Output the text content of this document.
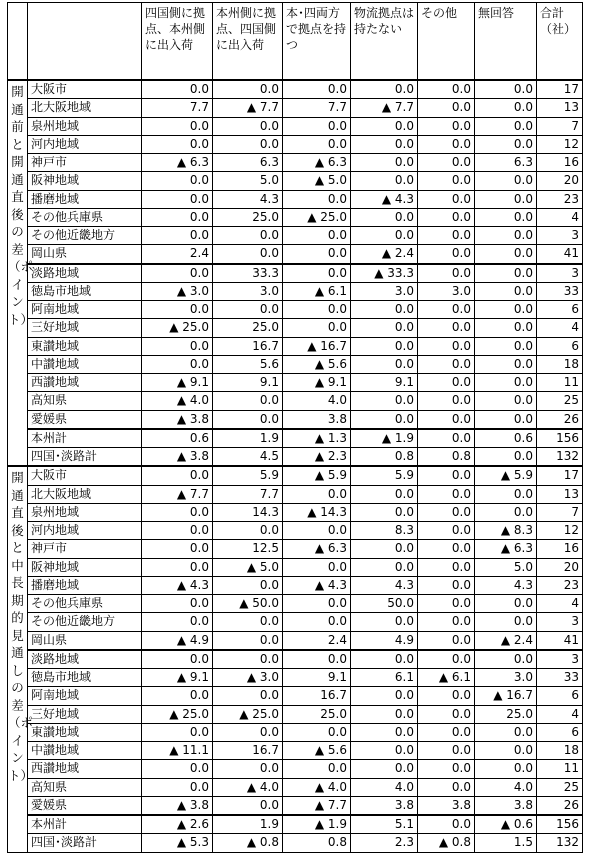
		四国側に拠点、本州側に出入荷	本州側に拠点、四国側に出入荷	本･四両方で拠点を持つ	物流拠点は持たない	その他	無回答	合計（社）
開通前と開通直後の差（ポイント）	大阪市	0.0	0.0	0.0	0.0	0.0	0.0	17
	北大阪地域	7.7	▲ 7.7	7.7	▲ 7.7	0.0	0.0	13
	泉州地域	0.0	0.0	0.0	0.0	0.0	0.0	7
	河内地域	0.0	0.0	0.0	0.0	0.0	0.0	12
	神戸市	▲ 6.3	6.3	▲ 6.3	0.0	0.0	6.3	16
	阪神地域	0.0	5.0	▲ 5.0	0.0	0.0	0.0	20
	播磨地域	0.0	4.3	0.0	▲ 4.3	0.0	0.0	23
	その他兵庫県	0.0	25.0	▲ 25.0	0.0	0.0	0.0	4
	その他近畿地方	0.0	0.0	0.0	0.0	0.0	0.0	3
	岡山県	2.4	0.0	0.0	▲ 2.4	0.0	0.0	41
	淡路地域	0.0	33.3	0.0	▲ 33.3	0.0	0.0	3
	徳島市地域	▲ 3.0	3.0	▲ 6.1	3.0	3.0	0.0	33
	阿南地域	0.0	0.0	0.0	0.0	0.0	0.0	6
	三好地域	▲ 25.0	25.0	0.0	0.0	0.0	0.0	4
	東讃地域	0.0	16.7	▲ 16.7	0.0	0.0	0.0	6
	中讃地域	0.0	5.6	▲ 5.6	0.0	0.0	0.0	18
	西讃地域	▲ 9.1	9.1	▲ 9.1	9.1	0.0	0.0	11
	高知県	▲ 4.0	0.0	4.0	0.0	0.0	0.0	25
	愛媛県	▲ 3.8	0.0	3.8	0.0	0.0	0.0	26
	本州計	0.6	1.9	▲ 1.3	▲ 1.9	0.0	0.6	156
	四国･淡路計	▲ 3.8	4.5	▲ 2.3	0.8	0.8	0.0	132
開通直後と中長期的見通しの差（ポイント）	大阪市	0.0	5.9	▲ 5.9	5.9	0.0	▲ 5.9	17
	北大阪地域	▲ 7.7	7.7	0.0	0.0	0.0	0.0	13
	泉州地域	0.0	14.3	▲ 14.3	0.0	0.0	0.0	7
	河内地域	0.0	0.0	0.0	8.3	0.0	▲ 8.3	12
	神戸市	0.0	12.5	▲ 6.3	0.0	0.0	▲ 6.3	16
	阪神地域	0.0	▲ 5.0	0.0	0.0	0.0	5.0	20
	播磨地域	▲ 4.3	0.0	▲ 4.3	4.3	0.0	4.3	23
	その他兵庫県	0.0	▲ 50.0	0.0	50.0	0.0	0.0	4
	その他近畿地方	0.0	0.0	0.0	0.0	0.0	0.0	3
	岡山県	▲ 4.9	0.0	2.4	4.9	0.0	▲ 2.4	41
	淡路地域	0.0	0.0	0.0	0.0	0.0	0.0	3
	徳島市地域	▲ 9.1	▲ 3.0	9.1	6.1	▲ 6.1	3.0	33
	阿南地域	0.0	0.0	16.7	0.0	0.0	▲ 16.7	6
	三好地域	▲ 25.0	▲ 25.0	25.0	0.0	0.0	25.0	4
	東讃地域	0.0	0.0	0.0	0.0	0.0	0.0	6
	中讃地域	▲ 11.1	16.7	▲ 5.6	0.0	0.0	0.0	18
	西讃地域	0.0	0.0	0.0	0.0	0.0	0.0	11
	高知県	0.0	▲ 4.0	▲ 4.0	4.0	0.0	4.0	25
	愛媛県	▲ 3.8	0.0	▲ 7.7	3.8	3.8	3.8	26
	本州計	▲ 2.6	1.9	▲ 1.9	5.1	0.0	▲ 0.6	156
	四国･淡路計	▲ 5.3	▲ 0.8	0.8	2.3	▲ 0.8	1.5	132
